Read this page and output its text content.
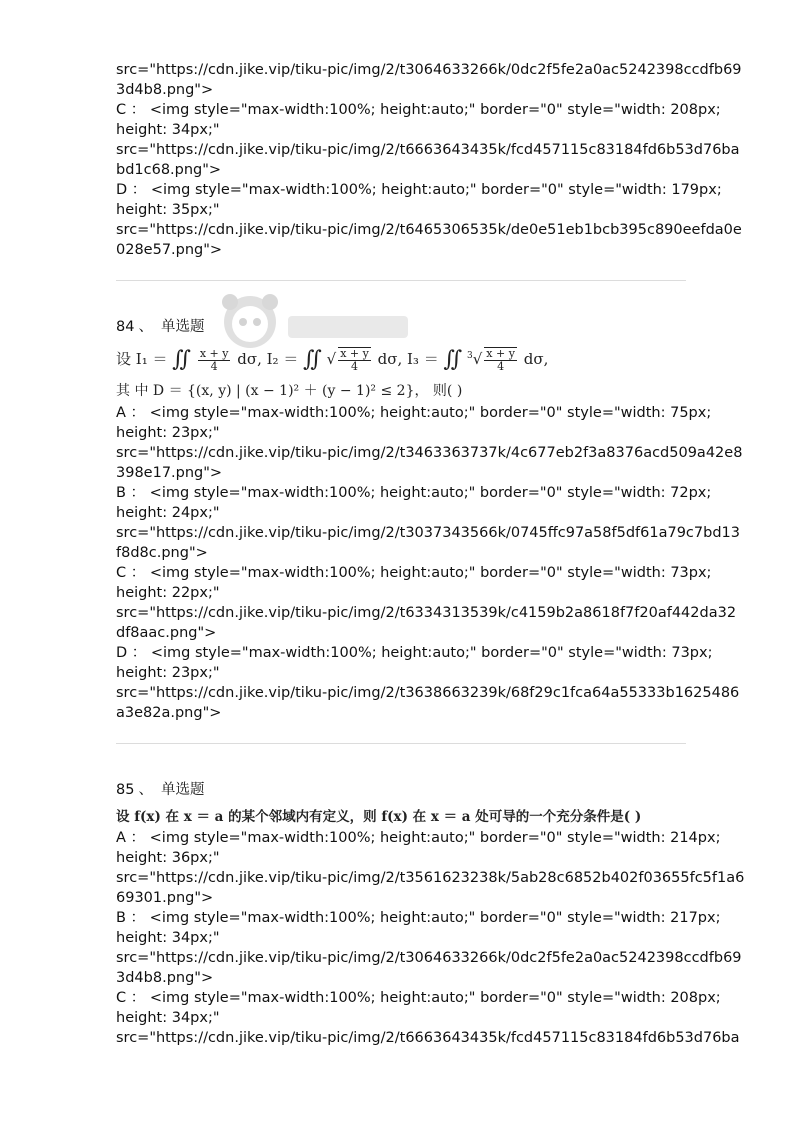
src="https://cdn.jike.vip/tiku-pic/img/2/t3064633266k/0dc2f5fe2a0ac5242398ccdfb69
3d4b8.png">
C ： <img style="max-width:100%; height:auto;" border="0" style="width: 208px;
height: 34px;"
src="https://cdn.jike.vip/tiku-pic/img/2/t6663643435k/fcd457115c83184fd6b53d76ba
bd1c68.png">
D ： <img style="max-width:100%; height:auto;" border="0" style="width: 179px;
height: 35px;"
src="https://cdn.jike.vip/tiku-pic/img/2/t6465306535k/de0e51eb1bcb395c890eefda0e
028e57.png">
84 、 单选题
设 I₁ ＝ ∬ $\frac{x + y}{4} d\sigma$, I₂ ＝ ∬ √ $\frac{x + y}{4} d\sigma$, I₃ ＝ ∬ $^3√ \frac{x + y}{4} d\sigma$,
其 中 D ＝ {(x, y) | (x − 1)² ＋ (y − 1)² ≤ 2}， 则( )
A ： <img style="max-width:100%; height:auto;" border="0" style="width: 75px;
height: 23px;"
src="https://cdn.jike.vip/tiku-pic/img/2/t3463363737k/4c677eb2f3a8376acd509a42e8
398e17.png">
B ： <img style="max-width:100%; height:auto;" border="0" style="width: 72px;
height: 24px;"
src="https://cdn.jike.vip/tiku-pic/img/2/t3037343566k/0745ffc97a58f5df61a79c7bd13
f8d8c.png">
C ： <img style="max-width:100%; height:auto;" border="0" style="width: 73px;
height: 22px;"
src="https://cdn.jike.vip/tiku-pic/img/2/t6334313539k/c4159b2a8618f7f20af442da32
df8aac.png">
D ： <img style="max-width:100%; height:auto;" border="0" style="width: 73px;
height: 23px;"
src="https://cdn.jike.vip/tiku-pic/img/2/t3638663239k/68f29c1fca64a55333b1625486
a3e82a.png">
85 、 单选题
设 f(x) 在 x ＝ a 的某个邻域内有定义，则 f(x) 在 x ＝ a 处可导的一个充分条件是( )
A ： <img style="max-width:100%; height:auto;" border="0" style="width: 214px;
height: 36px;"
src="https://cdn.jike.vip/tiku-pic/img/2/t3561623238k/5ab28c6852b402f03655fc5f1a6
69301.png">
B ： <img style="max-width:100%; height:auto;" border="0" style="width: 217px;
height: 34px;"
src="https://cdn.jike.vip/tiku-pic/img/2/t3064633266k/0dc2f5fe2a0ac5242398ccdfb69
3d4b8.png">
C ： <img style="max-width:100%; height:auto;" border="0" style="width: 208px;
height: 34px;"
src="https://cdn.jike.vip/tiku-pic/img/2/t6663643435k/fcd457115c83184fd6b53d76ba
